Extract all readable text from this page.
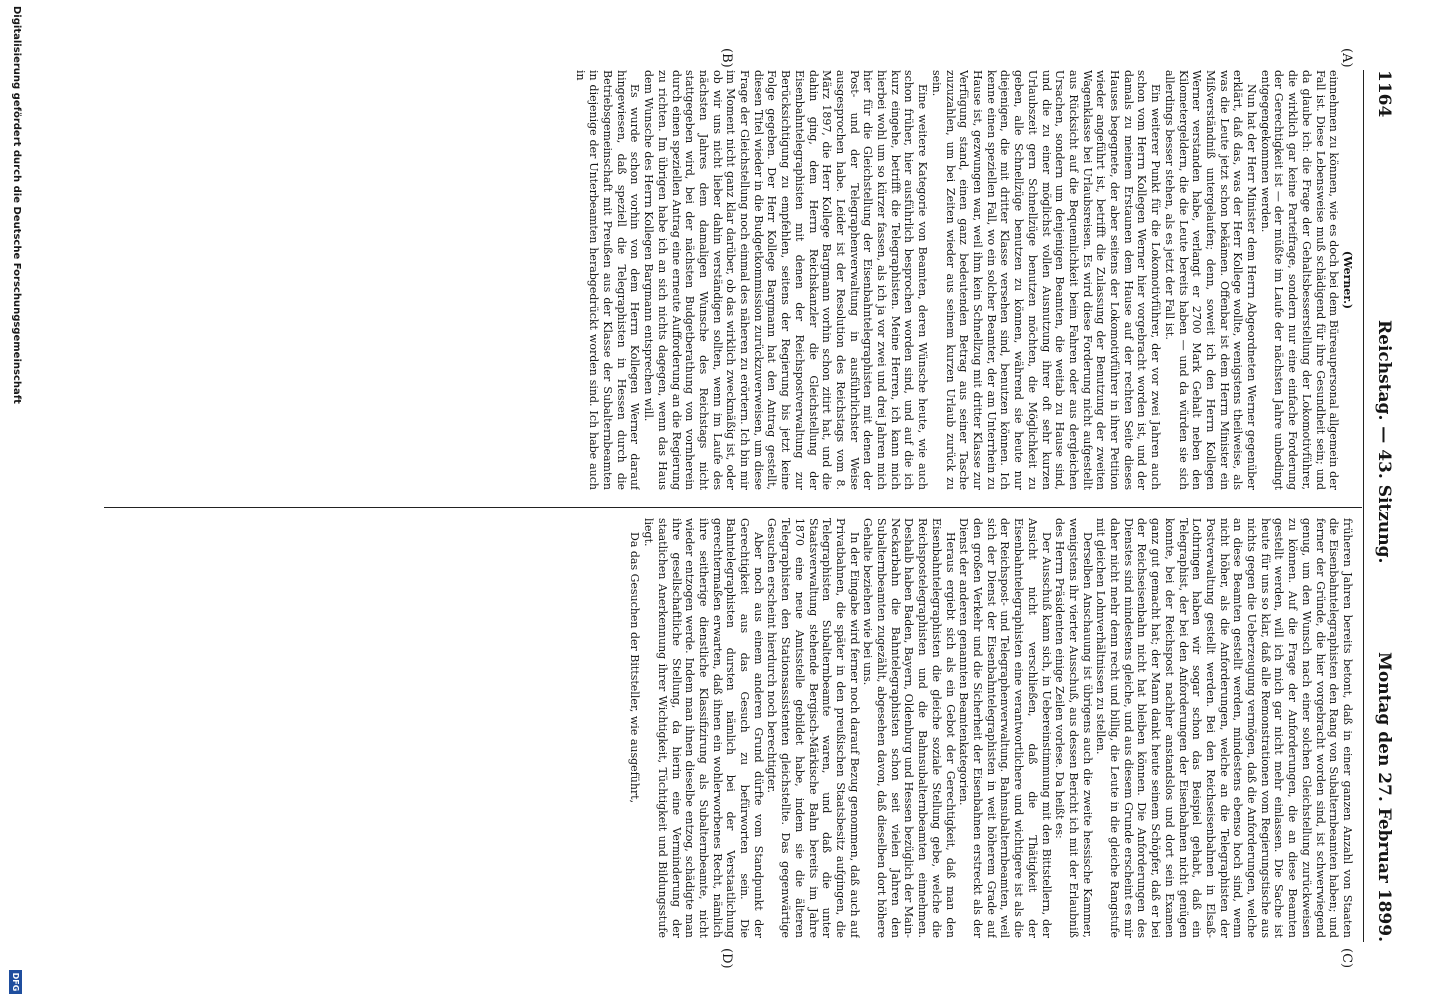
1164
Reichstag. — 43. Sitzung.
Montag den 27. Februar 1899.
(A)
(B)
(C)
(D)

(Werner.)

einnehmen zu können, wie es doch bei dem Büreaupersonal allgemein der Fall ist. Diese Lebensweise muß schädigend für ihre Gesundheit sein; und da glaube ich: die Frage der Gehaltsbesserstellung der Lokomotivführer, die wirklich gar keine Parteifrage, sondern nur eine einfache Forderung der Gerechtigkeit ist — der müßte im Laufe der nächsten Jahre unbedingt entgegengekommen werden.

Nun hat der Herr Minister dem Herrn Abgeordneten Werner gegenüber erklärt, daß das, was der Herr Kollege wollte, wenigstens theilweise, als was die Leute jetzt schon bekämen. Offenbar ist dem Herrn Minister ein Mißverständniß untergelaufen; denn, soweit ich den Herrn Kollegen Werner verstanden habe, verlangt er 2700 Mark Gehalt neben den Kilometergeldern, die die Leute bereits haben — und da würden sie sich allerdings besser stehen, als es jetzt der Fall ist.

Ein weiterer Punkt für die Lokomotivführer, der vor zwei Jahren auch schon vom Herrn Kollegen Werner hier vorgebracht worden ist, und der damals zu meinem Erstaunen dem Hause auf der rechten Seite dieses Hauses begegnete, der aber seitens der Lokomotivführer in ihrer Petition wieder angeführt ist, betrifft die Zulassung der Benutzung der zweiten Wagenklasse bei Urlaubsreisen. Es wird diese Forderung nicht aufgestellt aus Rücksicht auf die Bequemlichkeit beim Fahren oder aus dergleichen Ursachen, sondern um denjenigen Beamten, die weitab zu Hause sind, und die zu einer möglichst vollen Ausnutzung ihrer oft sehr kurzen Urlaubszeit gern Schnellzüge benutzen möchten, die Möglichkeit zu geben, alle Schnellzüge benutzen zu können, während sie heute nur diejenigen, die mit dritter Klasse versehen sind, benutzen können. Ich kenne einen speziellen Fall, wo ein solcher Beamter, der am Unterrhein zu Hause ist, gezwungen war, weil ihm kein Schnellzug mit dritter Klasse zur Verfügung stand, einen ganz bedeutenden Betrag aus seiner Tasche zuzuzahlen, um bei Zeiten wieder aus seinem kurzen Urlaub zurück zu sein.

Eine weitere Kategorie von Beamten, deren Wünsche heute, wie auch schon früher, hier ausführlich besprochen worden sind, und auf die ich kurz eingehe, betrifft die Telegraphisten. Meine Herren, ich kann mich hierbei wohl um so kürzer fassen, als ich ja vor zwei und drei Jahren mich hier für die Gleichstellung der Eisenbahntelegraphisten mit denen der Post- und der Telegraphenverwaltung in ausführlichster Weise ausgesprochen habe. Leider ist der Resolution des Reichstags vom 8. März 1897, die Herr Kollege Bargmann vorhin schon zitirt hat, und die dahin ging, dem Herrn Reichskanzler die Gleichstellung der Eisenbahntelegraphisten mit denen der Reichspostverwaltung zur Berücksichtigung zu empfehlen, seitens der Regierung bis jetzt keine Folge gegeben. Der Herr Kollege Bargmann hat den Antrag gestellt, diesen Titel wieder in die Budgetkommission zurückzuverweisen, um diese Frage der Gleichstellung noch einmal des näheren zu erörtern. Ich bin mir im Moment nicht ganz klar darüber, ob das wirklich zweckmäßig ist, oder ob wir uns nicht lieber dahin verständigen sollten, wenn im Laufe des nächsten Jahres dem damaligen Wunsche des Reichstags nicht stattgegeben wird, bei der nächsten Budgetberathung von vornherein durch einen speziellen Antrag eine erneute Aufforderung an die Regierung zu richten. Im übrigen habe ich an sich nichts dagegen, wenn das Haus dem Wunsche des Herrn Kollegen Bargmann entsprechen will.

Es wurde schon vorhin von dem Herrn Kollegen Werner darauf hingewiesen, daß speziell die Telegraphisten in Hessen durch die Betriebsgemeinschaft mit Preußen aus der Klasse der Subalternbeamten in diejenige der Unterbeamten herabgedrückt worden sind. Ich habe auch in

früheren Jahren bereits betont, daß in einer ganzen Anzahl von Staaten die Eisenbahntelegraphisten den Rang von Subalternbeamten haben; und ferner der Gründe, die hier vorgebracht worden sind, ist schwerwiegend genug, um den Wunsch nach einer solchen Gleichstellung zurückweisen zu können. Auf die Frage der Anforderungen, die an diese Beamten gestellt werden, will ich mich gar nicht mehr einlassen. Die Sache ist heute für uns so klar, daß alle Remonstrationen vom Regierungstische aus nichts gegen die Ueberzeugung vermögen, daß die Anforderungen, welche an diese Beamten gestellt werden, mindestens ebenso hoch sind, wenn nicht höher, als die Anforderungen, welche an die Telegraphisten der Postverwaltung gestellt werden. Bei den Reichseisenbahnen in Elsaß-Lothringen haben wir sogar schon das Beispiel gehabt, daß ein Telegraphist, der bei den Anforderungen der Eisenbahnen nicht genügen konnte, bei der Reichspost nachher anstandslos und dort sein Examen ganz gut gemacht hat; der Mann dankt heute seinem Schöpfer, daß er bei der Reichseisenbahn nicht hat bleiben können. Die Anforderungen des Dienstes sind mindestens gleiche, und aus diesem Grunde erscheint es mir daher nicht mehr denn recht und billig, die Leute in die gleiche Rangstufe mit gleichen Lohnverhältnissen zu stellen.

Derselben Anschauung ist übrigens auch die zweite hessische Kammer, wenigstens ihr vierter Ausschuß, aus dessen Bericht ich mit der Erlaubniß des Herrn Präsidenten einige Zeilen vorlese. Da heißt es:

Der Ausschuß kann sich, in Uebereinstimmung mit den Bittstellern, der Ansicht nicht verschließen, daß die Thätigkeit der Eisenbahntelegraphisten eine verantwortlichere und wichtigere ist als die der Reichspost- und Telegraphenverwaltung. Bahnsubalternbeamten, weil sich der Dienst der Eisenbahntelegraphisten in weit höherem Grade auf den großen Verkehr und die Sicherheit der Eisenbahnen erstreckt als der Dienst der anderen genannten Beamtenkategorien.

Heraus ergiebt sich als ein Gebot der Gerechtigkeit, daß man den Eisenbahntelegraphisten die gleiche soziale Stellung gebe, welche die Reichspostelegraphisten und die Bahnsubalternbeamten einnehmen. Deshalb haben Baden, Bayern, Oldenburg und Hessen bezüglich der Main-Neckarbahn die Bahntelegraphisten schon seit vielen Jahren den Subalternbeamten zugezählt, abgesehen davon, daß dieselben dort höhere Gehalte beziehen wie bei uns.

In der Eingabe wird ferner noch darauf Bezug genommen, daß auch auf Privatbahnen, die später in den preußischen Staatsbesitz aufgingen, die Telegraphisten Subalternbeamte waren, und daß die unter Staatsverwaltung stehende Bergisch-Märkische Bahn bereits im Jahre 1870 eine neue Amtsstelle gebildet habe, indem sie die älteren Telegraphisten den Stationsassistenten gleichstellte. Das gegenwärtige Gesuchen erscheint hierdurch noch berechtigter.

Aber noch aus einem anderen Grund dürfte vom Standpunkt der Gerechtigkeit aus das Gesuch zu befürworten sein. Die Bahntelegraphisten dursten nämlich bei der Verstaatlichung gerechtermaßen erwarten, daß ihnen ein wohlerworbenes Recht, nämlich ihre seitherige dienstliche Klassifizirung als Subalternbeamte, nicht wieder entzogen werde. Indem man ihnen dieselbe entzog, schädigte man ihre gesellschaftliche Stellung, da hierin eine Verminderung der staatlichen Anerkennung ihrer Wichtigkeit, Tüchtigkeit und Bildungsstufe liegt.

Da das Gesuchen der Bittsteller, wie ausgeführt,

Digitalisierung gefördert durch die Deutsche Forschungsgemeinschaft
DFG
